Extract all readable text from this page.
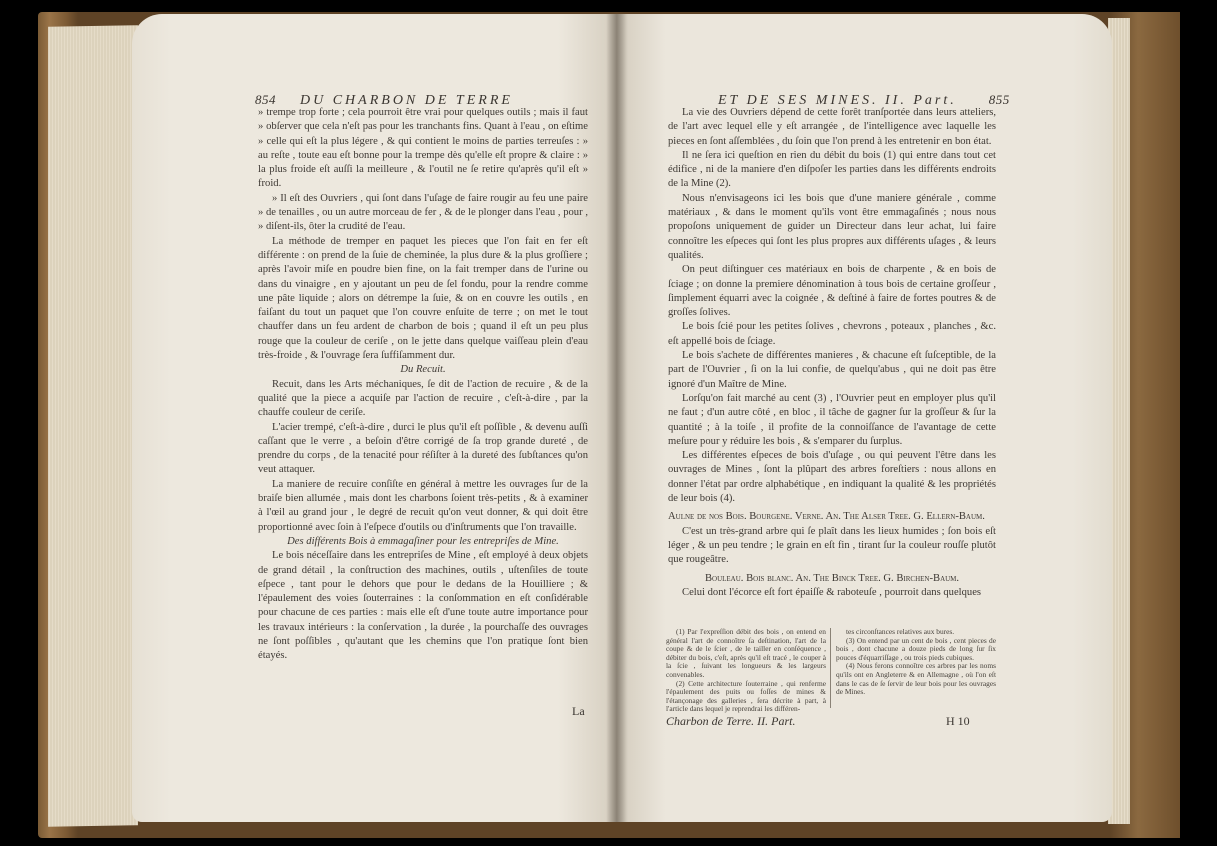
854 DU CHARBON DE TERRE

» trempe trop forte ; cela pourroit être vrai pour quelques outils ; mais il faut » obſerver que cela n'eſt pas pour les tranchants fins. Quant à l'eau , on eſtime » celle qui eſt la plus légere , & qui contient le moins de parties terreuſes : » au reſte , toute eau eſt bonne pour la trempe dès qu'elle eſt propre & claire : » la plus froide eſt auſſi la meilleure , & l'outil ne ſe retire qu'après qu'il eſt » froid.

» Il eſt des Ouvriers , qui ſont dans l'uſage de faire rougir au feu une paire » de tenailles , ou un autre morceau de fer , & de le plonger dans l'eau , pour , » diſent-ils, ôter la crudité de l'eau.

La méthode de tremper en paquet les pieces que l'on fait en fer eſt différente : on prend de la ſuie de cheminée, la plus dure & la plus groſſiere ; après l'avoir miſe en poudre bien fine, on la fait tremper dans de l'urine ou dans du vinaigre , en y ajoutant un peu de ſel fondu, pour la rendre comme une pâte liquide ; alors on détrempe la ſuie, & on en couvre les outils , en faiſant du tout un paquet que l'on couvre enſuite de terre ; on met le tout chauffer dans un feu ardent de charbon de bois ; quand il eſt un peu plus rouge que la couleur de ceriſe , on le jette dans quelque vaiſſeau plein d'eau très-froide , & l'ouvrage ſera ſuffiſamment dur.

Du Recuit.

Recuit, dans les Arts méchaniques, ſe dit de l'action de recuire , & de la qualité que la piece a acquiſe par l'action de recuire , c'eſt-à-dire , par la chauffe couleur de ceriſe.

L'acier trempé, c'eſt-à-dire , durci le plus qu'il eſt poſſible , & devenu auſſi caſſant que le verre , a beſoin d'être corrigé de ſa trop grande dureté , de prendre du corps , de la tenacité pour réſiſter à la dureté des ſubſtances qu'on veut attaquer.

La maniere de recuire conſiſte en général à mettre les ouvrages ſur de la braiſe bien allumée , mais dont les charbons ſoient très-petits , & à examiner à l'œil au grand jour , le degré de recuit qu'on veut donner, & qui doit être proportionné avec ſoin à l'eſpece d'outils ou d'inſtruments que l'on travaille.

Des différents Bois à emmagaſiner pour les entrepriſes de Mine.

Le bois néceſſaire dans les entrepriſes de Mine , eſt employé à deux objets de grand détail , la conſtruction des machines, outils , uſtenſiles de toute eſpece , tant pour le dehors que pour le dedans de la Houilliere ; & l'épaulement des voies ſouterraines : la conſommation en eſt conſidérable pour chacune de ces parties : mais elle eſt d'une toute autre importance pour les travaux intérieurs : la conſervation , la durée , la pourchaſſe des ouvrages ne ſont poſſibles , qu'autant que les chemins que l'on pratique ſont bien étayés.

La
ET DE SES MINES. II. Part. 855

La vie des Ouvriers dépend de cette forêt tranſportée dans leurs atteliers, de l'art avec lequel elle y eſt arrangée , de l'intelligence avec laquelle les pieces en ſont aſſemblées , du ſoin que l'on prend à les entretenir en bon état.

Il ne ſera ici queſtion en rien du débit du bois (1) qui entre dans tout cet édifice , ni de la maniere d'en diſpoſer les parties dans les différents endroits de la Mine (2).

Nous n'envisageons ici les bois que d'une maniere générale , comme matériaux , & dans le moment qu'ils vont être emmagaſinés ; nous nous propoſons uniquement de guider un Directeur dans leur achat, lui faire connoître les eſpeces qui ſont les plus propres aux différents uſages , & leurs qualités.

On peut diſtinguer ces matériaux en bois de charpente , & en bois de ſciage ; on donne la premiere dénomination à tous bois de certaine groſſeur , ſimplement équarri avec la coignée , & deſtiné à faire de fortes poutres & de groſſes ſolives.

Le bois ſcié pour les petites ſolives , chevrons , poteaux , planches , &c. eſt appellé bois de ſciage.

Le bois s'achete de différentes manieres , & chacune eſt ſuſceptible, de la part de l'Ouvrier , ſi on la lui confie, de quelqu'abus , qui ne doit pas être ignoré d'un Maître de Mine.

Lorſqu'on fait marché au cent (3) , l'Ouvrier peut en employer plus qu'il ne faut ; d'un autre côté , en bloc , il tâche de gagner ſur la groſſeur & ſur la quantité ; à la toiſe , il profite de la connoiſſance de l'avantage de cette meſure pour y réduire les bois , & s'emparer du ſurplus.

Les différentes eſpeces de bois d'uſage , ou qui peuvent l'être dans les ouvrages de Mines , ſont la plûpart des arbres foreſtiers : nous allons en donner l'état par ordre alphabétique , en indiquant la qualité & les propriétés de leur bois (4).

Aulne de nos Bois. Bourgene. Verne. An. The Alſer Tree. G. Ellern-Baum.

C'est un très-grand arbre qui ſe plaît dans les lieux humides ; ſon bois eſt léger , & un peu tendre ; le grain en eſt fin , tirant ſur la couleur rouſſe plutôt que rougeâtre.

Bouleau. Bois blanc. An. The Binck Tree. G. Birchen-Baum.

Celui dont l'écorce eſt fort épaiſſe & raboteuſe , pourroit dans quelques

(1) Par l'expreſſion débit des bois , on entend en général l'art de connoître ſa deſtination, l'art de la coupe & de le ſcier , de le tailler en conſéquence , débiter du bois, c'eſt, après qu'il eſt tracé , le couper à la ſcie , ſuivant les longueurs & les largeurs convenables.

(2) Cette architecture ſouterraine , qui renferme l'épaulement des puits ou foſſes de mines & l'étançonage des galleries , ſera décrite à part, à l'article dans lequel je reprendrai les différen-

tes circonſtances relatives aux bures.

(3) On entend par un cent de bois , cent pieces de bois , dont chacune a douze pieds de long ſur ſix pouces d'équarriſſage , ou trois pieds cubiques.

(4) Nous ferons connoître ces arbres par les noms qu'ils ont en Angleterre & en Allemagne , où l'on eſt dans le cas de ſe ſervir de leur bois pour les ouvrages de Mines.

Charbon de Terre. II. Part.	H 10
